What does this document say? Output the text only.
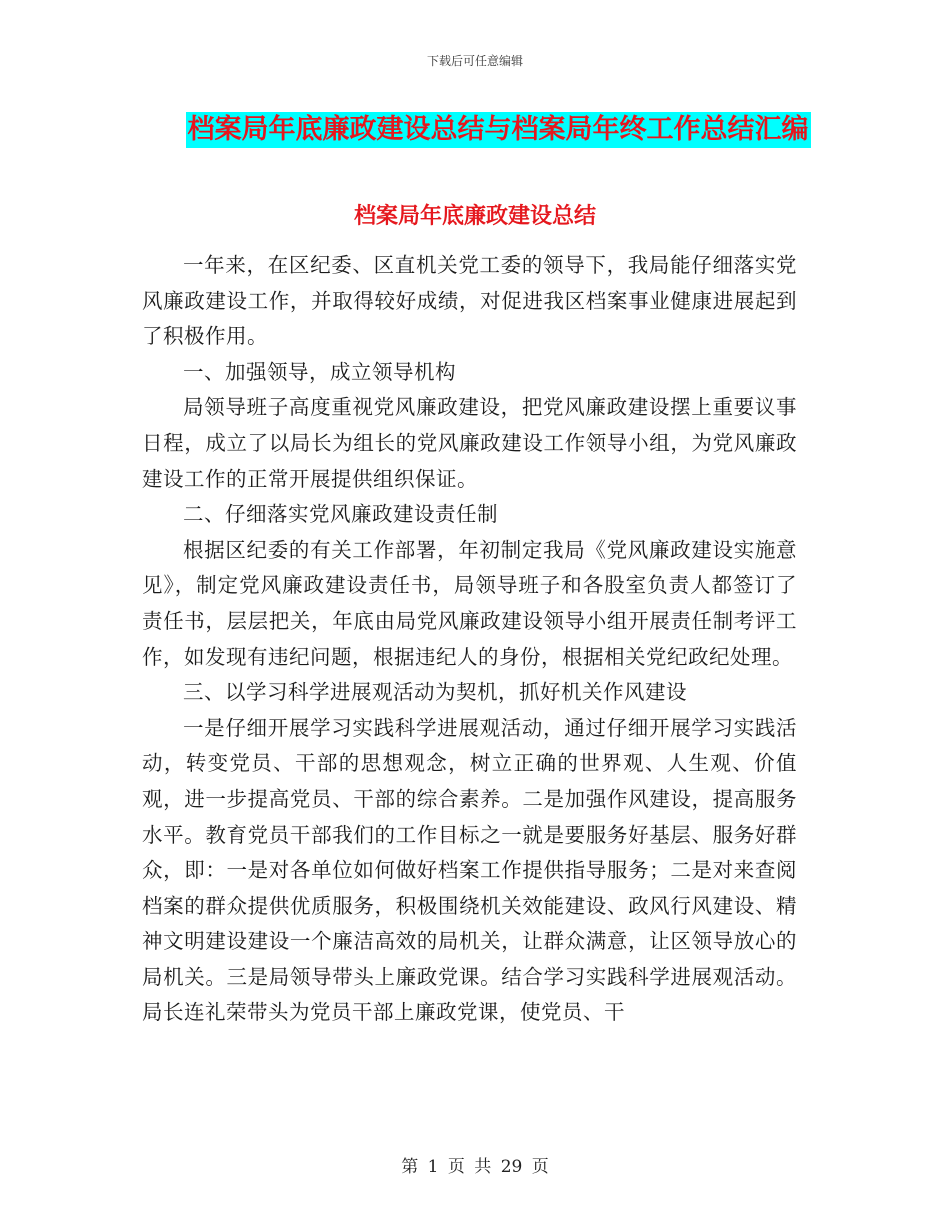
下载后可任意编辑
档案局年底廉政建设总结与档案局年终工作总结汇编
档案局年底廉政建设总结

一年来，在区纪委、区直机关党工委的领导下，我局能仔细落实党风廉政建设工作，并取得较好成绩，对促进我区档案事业健康进展起到了积极作用。

一、加强领导，成立领导机构

局领导班子高度重视党风廉政建设，把党风廉政建设摆上重要议事日程，成立了以局长为组长的党风廉政建设工作领导小组，为党风廉政建设工作的正常开展提供组织保证。

二、仔细落实党风廉政建设责任制

根据区纪委的有关工作部署，年初制定我局《党风廉政建设实施意见》，制定党风廉政建设责任书，局领导班子和各股室负责人都签订了责任书，层层把关，年底由局党风廉政建设领导小组开展责任制考评工作，如发现有违纪问题，根据违纪人的身份，根据相关党纪政纪处理。

三、以学习科学进展观活动为契机，抓好机关作风建设

一是仔细开展学习实践科学进展观活动，通过仔细开展学习实践活动，转变党员、干部的思想观念，树立正确的世界观、人生观、价值观，进一步提高党员、干部的综合素养。二是加强作风建设，提高服务水平。教育党员干部我们的工作目标之一就是要服务好基层、服务好群众，即：一是对各单位如何做好档案工作提供指导服务；二是对来查阅档案的群众提供优质服务，积极围绕机关效能建设、政风行风建设、精神文明建设建设一个廉洁高效的局机关，让群众满意，让区领导放心的局机关。三是局领导带头上廉政党课。结合学习实践科学进展观活动。局长连礼荣带头为党员干部上廉政党课，使党员、干

第 1 页 共 29 页
